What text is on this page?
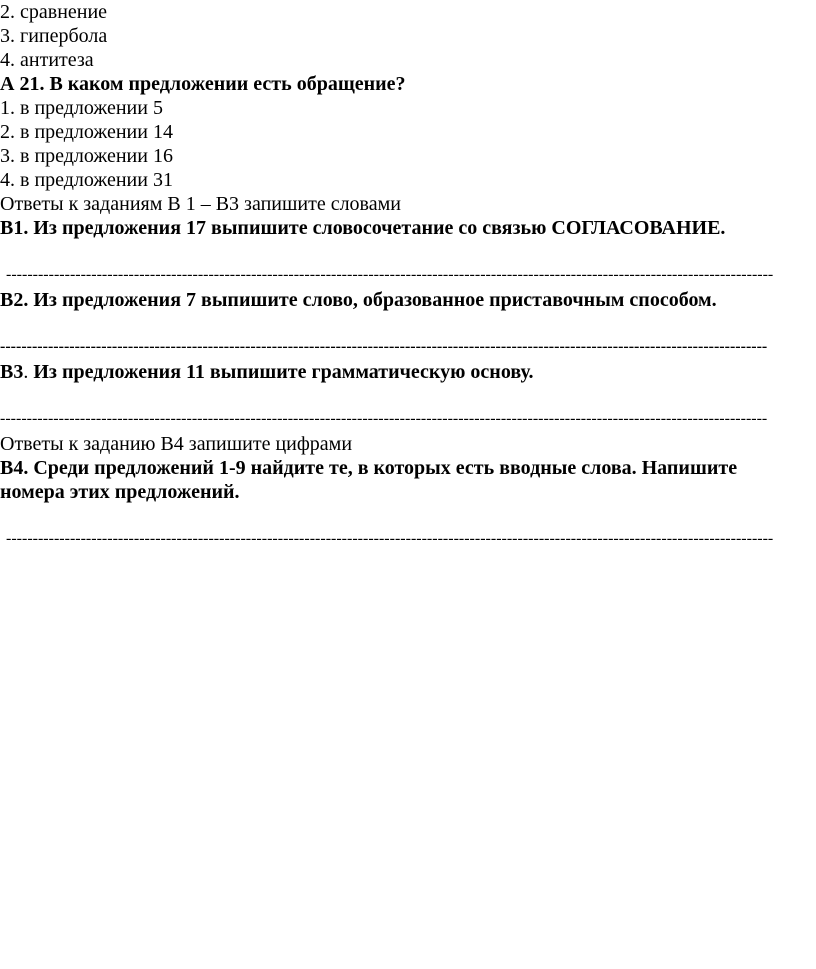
2. сравнение
3. гипербола
4. антитеза
А 21. В каком предложении есть обращение?
1. в предложении 5
2. в предложении 14
3. в предложении 16
4. в предложении 31
Ответы к заданиям В 1 – В3 запишите словами
В1. Из предложения 17 выпишите словосочетание со связью СОГЛАСОВАНИЕ.
------------------------------------------------------------------------------------------------------------------------------------------------
В2. Из предложения 7 выпишите слово, образованное приставочным способом.
------------------------------------------------------------------------------------------------------------------------------------------------
В3. Из предложения 11 выпишите грамматическую основу.
------------------------------------------------------------------------------------------------------------------------------------------------
Ответы к заданию В4 запишите цифрами
В4. Среди предложений 1-9 найдите те, в которых есть вводные слова. Напишите
номера этих предложений.
------------------------------------------------------------------------------------------------------------------------------------------------
